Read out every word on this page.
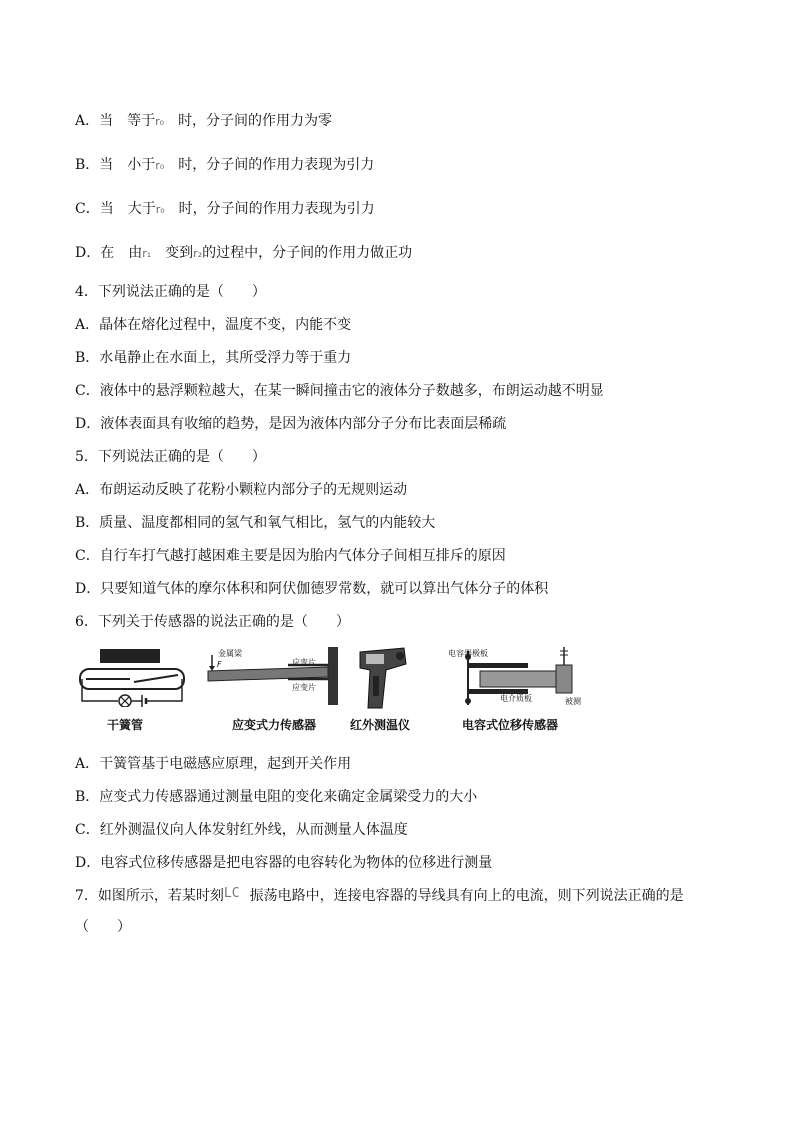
A．当 等于r₀ 时，分子间的作用力为零
B．当 小于r₀ 时，分子间的作用力表现为引力
C．当 大于r₀ 时，分子间的作用力表现为引力
D．在 由r₁ 变到r₂的过程中，分子间的作用力做正功
4．下列说法正确的是（　　）
A．晶体在熔化过程中，温度不变，内能不变
B．水黾静止在水面上，其所受浮力等于重力
C．液体中的悬浮颗粒越大，在某一瞬间撞击它的液体分子数越多，布朗运动越不明显
D．液体表面具有收缩的趋势，是因为液体内部分子分布比表面层稀疏
5．下列说法正确的是（　　）
A．布朗运动反映了花粉小颗粒内部分子的无规则运动
B．质量、温度都相同的氢气和氧气相比，氢气的内能较大
C．自行车打气越打越困难主要是因为胎内气体分子间相互排斥的原因
D．只要知道气体的摩尔体积和阿伏伽德罗常数，就可以算出气体分子的体积
6．下列关于传感器的说法正确的是（　　）
干簧管
金属梁
F	应变片
应变片
应变式力传感器	红外测温仪
电容器极板
电介质板	被测
电容式位移传感器
A．干簧管基于电磁感应原理，起到开关作用
B．应变式力传感器通过测量电阻的变化来确定金属梁受力的大小
C．红外测温仪向人体发射红外线，从而测量人体温度
D．电容式位移传感器是把电容器的电容转化为物体的位移进行测量
7．如图所示，若某时刻LC 振荡电路中，连接电容器的导线具有向上的电流，则下列说法正确的是
（　　）
